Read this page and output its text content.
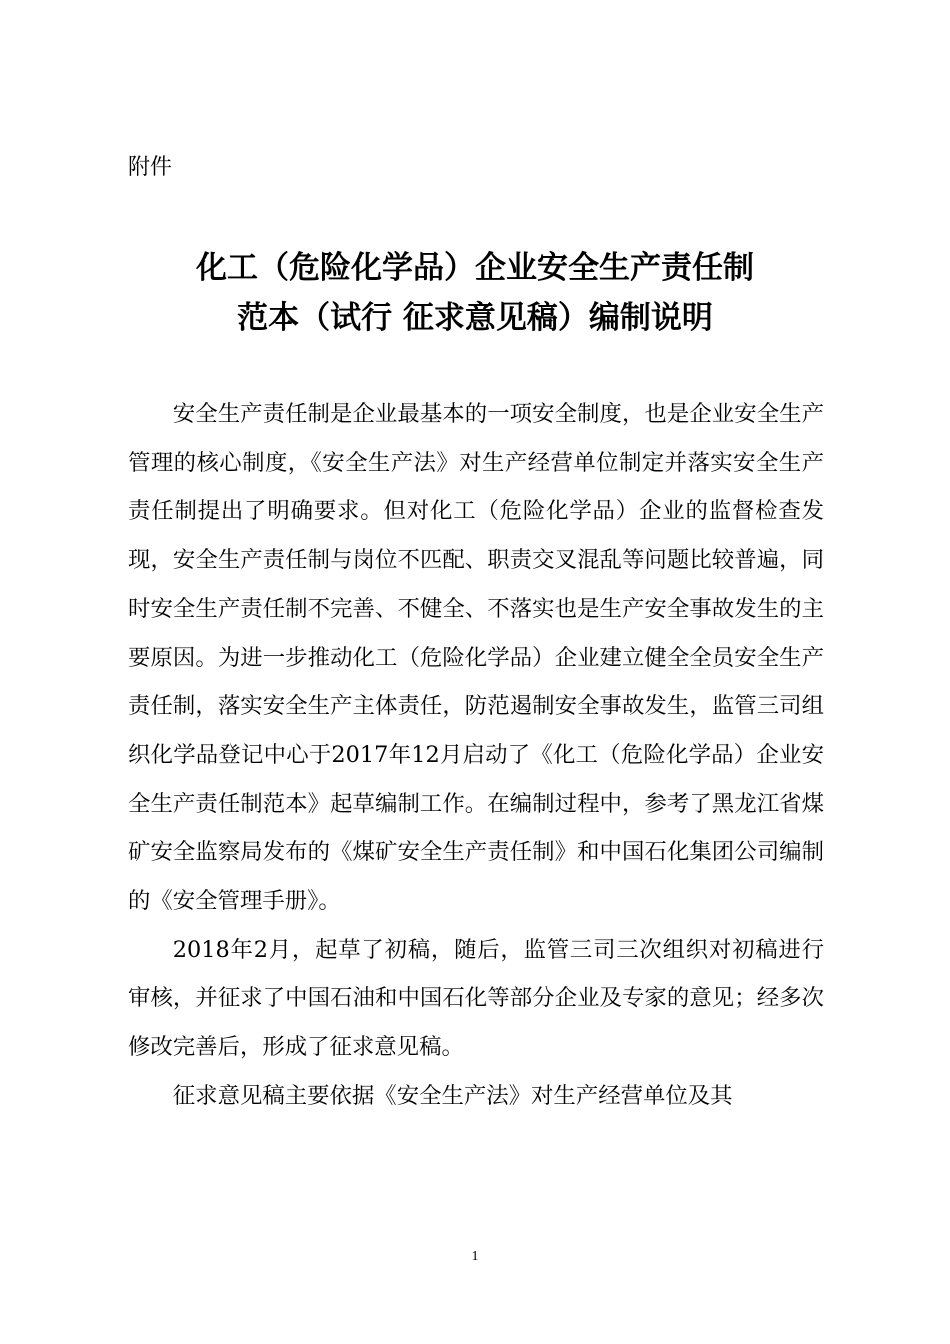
附件
化工（危险化学品）企业安全生产责任制
范本（试行 征求意见稿）编制说明

安全生产责任制是企业最基本的一项安全制度，也是企业安全生产管理的核心制度，《安全生产法》对生产经营单位制定并落实安全生产责任制提出了明确要求。但对化工（危险化学品）企业的监督检查发现，安全生产责任制与岗位不匹配、职责交叉混乱等问题比较普遍，同时安全生产责任制不完善、不健全、不落实也是生产安全事故发生的主要原因。为进一步推动化工（危险化学品）企业建立健全全员安全生产责任制，落实安全生产主体责任，防范遏制安全事故发生，监管三司组织化学品登记中心于2017年12月启动了《化工（危险化学品）企业安全生产责任制范本》起草编制工作。在编制过程中，参考了黑龙江省煤矿安全监察局发布的《煤矿安全生产责任制》和中国石化集团公司编制的《安全管理手册》。

2018年2月，起草了初稿，随后，监管三司三次组织对初稿进行审核，并征求了中国石油和中国石化等部分企业及专家的意见；经多次修改完善后，形成了征求意见稿。

征求意见稿主要依据《安全生产法》对生产经营单位及其

1
